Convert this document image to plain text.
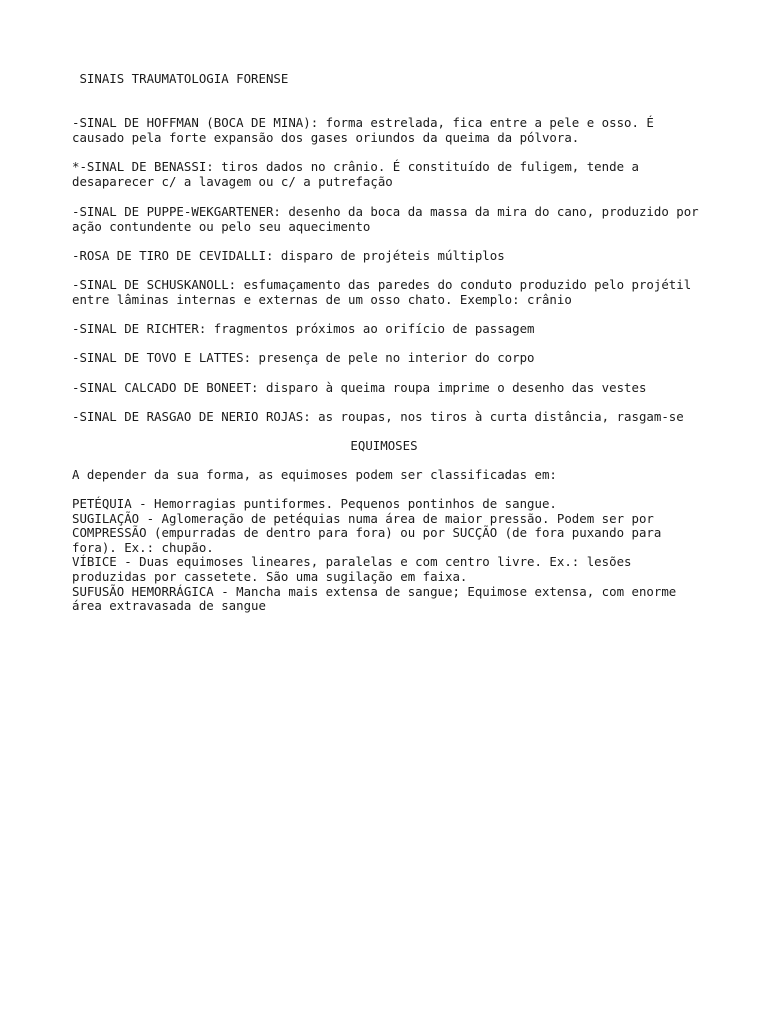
SINAIS TRAUMATOLOGIA FORENSE

-SINAL DE HOFFMAN (BOCA DE MINA): forma estrelada, fica entre a pele e osso. É causado pela forte expansão dos gases oriundos da queima da pólvora.

*-SINAL DE BENASSI: tiros dados no crânio. É constituído de fuligem, tende a desaparecer c/ a lavagem ou c/ a putrefação

-SINAL DE PUPPE-WEKGARTENER: desenho da boca da massa da mira do cano, produzido por ação contundente ou pelo seu aquecimento

-ROSA DE TIRO DE CEVIDALLI: disparo de projéteis múltiplos

-SINAL DE SCHUSKANOLL: esfumaçamento das paredes do conduto produzido pelo projétil entre lâminas internas e externas de um osso chato. Exemplo: crânio

-SINAL DE RICHTER: fragmentos próximos ao orifício de passagem

-SINAL DE TOVO E LATTES: presença de pele no interior do corpo

-SINAL CALCADO DE BONEET: disparo à queima roupa imprime o desenho das vestes

-SINAL DE RASGAO DE NERIO ROJAS: as roupas, nos tiros à curta distância, rasgam-se

EQUIMOSES

A depender da sua forma, as equimoses podem ser classificadas em:

PETÉQUIA - Hemorragias puntiformes. Pequenos pontinhos de sangue.

SUGILAÇÃO - Aglomeração de petéquias numa área de maior pressão. Podem ser por COMPRESSÃO (empurradas de dentro para fora) ou por SUCÇÃO (de fora puxando para fora). Ex.: chupão.

VÍBICE - Duas equimoses lineares, paralelas e com centro livre. Ex.: lesões produzidas por cassetete. São uma sugilação em faixa.

SUFUSÃO HEMORRÁGICA - Mancha mais extensa de sangue; Equimose extensa, com enorme área extravasada de sangue
